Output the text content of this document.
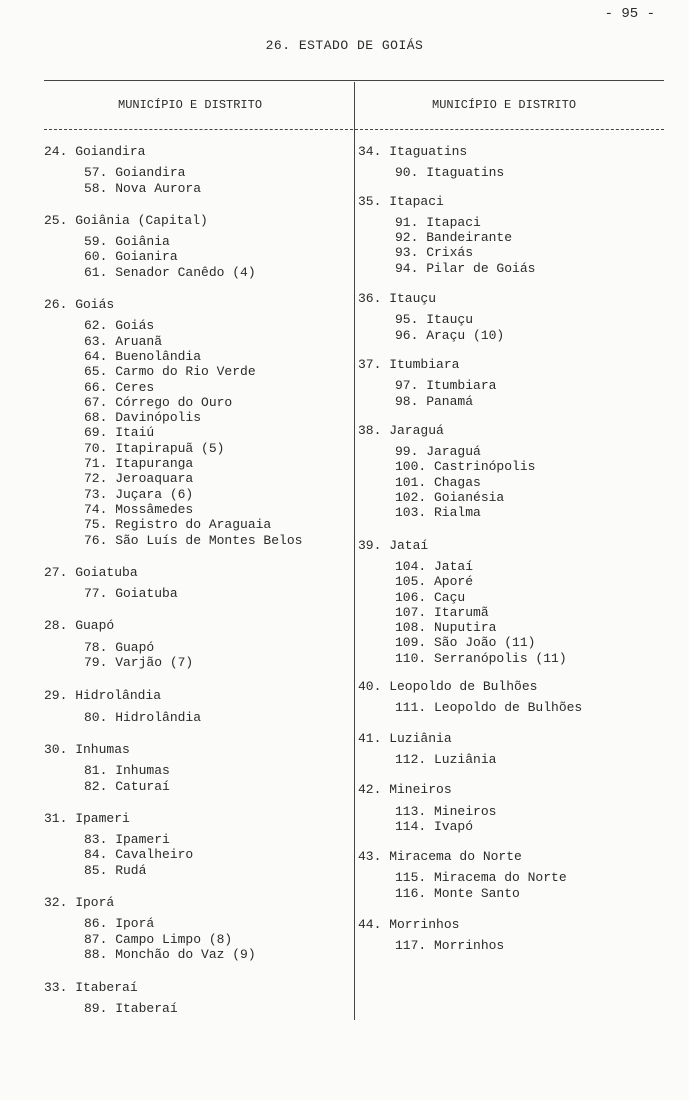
- 95 -
26. ESTADO DE GOIÁS
MUNICÍPIO E DISTRITO	MUNICÍPIO E DISTRITO
24. Goiandira
57. Goiandira
58. Nova Aurora
25. Goiânia (Capital)
59. Goiânia
60. Goianira
61. Senador Canêdo (4)
26. Goiás
62. Goiás
63. Aruanã
64. Buenolândia
65. Carmo do Rio Verde
66. Ceres
67. Córrego do Ouro
68. Davinópolis
69. Itaiú
70. Itapirapuã (5)
71. Itapuranga
72. Jeroaquara
73. Juçara (6)
74. Mossâmedes
75. Registro do Araguaia
76. São Luís de Montes Belos
27. Goiatuba
77. Goiatuba
28. Guapó
78. Guapó
79. Varjão (7)
29. Hidrolândia
80. Hidrolândia
30. Inhumas
81. Inhumas
82. Caturaí
31. Ipameri
83. Ipameri
84. Cavalheiro
85. Rudá
32. Iporá
86. Iporá
87. Campo Limpo (8)
88. Monchão do Vaz (9)
33. Itaberaí
89. Itaberaí
34. Itaguatins
90. Itaguatins
35. Itapaci
91. Itapaci
92. Bandeirante
93. Crixás
94. Pilar de Goiás
36. Itauçu
95. Itauçu
96. Araçu (10)
37. Itumbiara
97. Itumbiara
98. Panamá
38. Jaraguá
99. Jaraguá
100. Castrinópolis
101. Chagas
102. Goianésia
103. Rialma
39. Jataí
104. Jataí
105. Aporé
106. Caçu
107. Itarumã
108. Nuputira
109. São João (11)
110. Serranópolis (11)
40. Leopoldo de Bulhões
111. Leopoldo de Bulhões
41. Luziânia
112. Luziânia
42. Mineiros
113. Mineiros
114. Ivapó
43. Miracema do Norte
115. Miracema do Norte
116. Monte Santo
44. Morrinhos
117. Morrinhos
